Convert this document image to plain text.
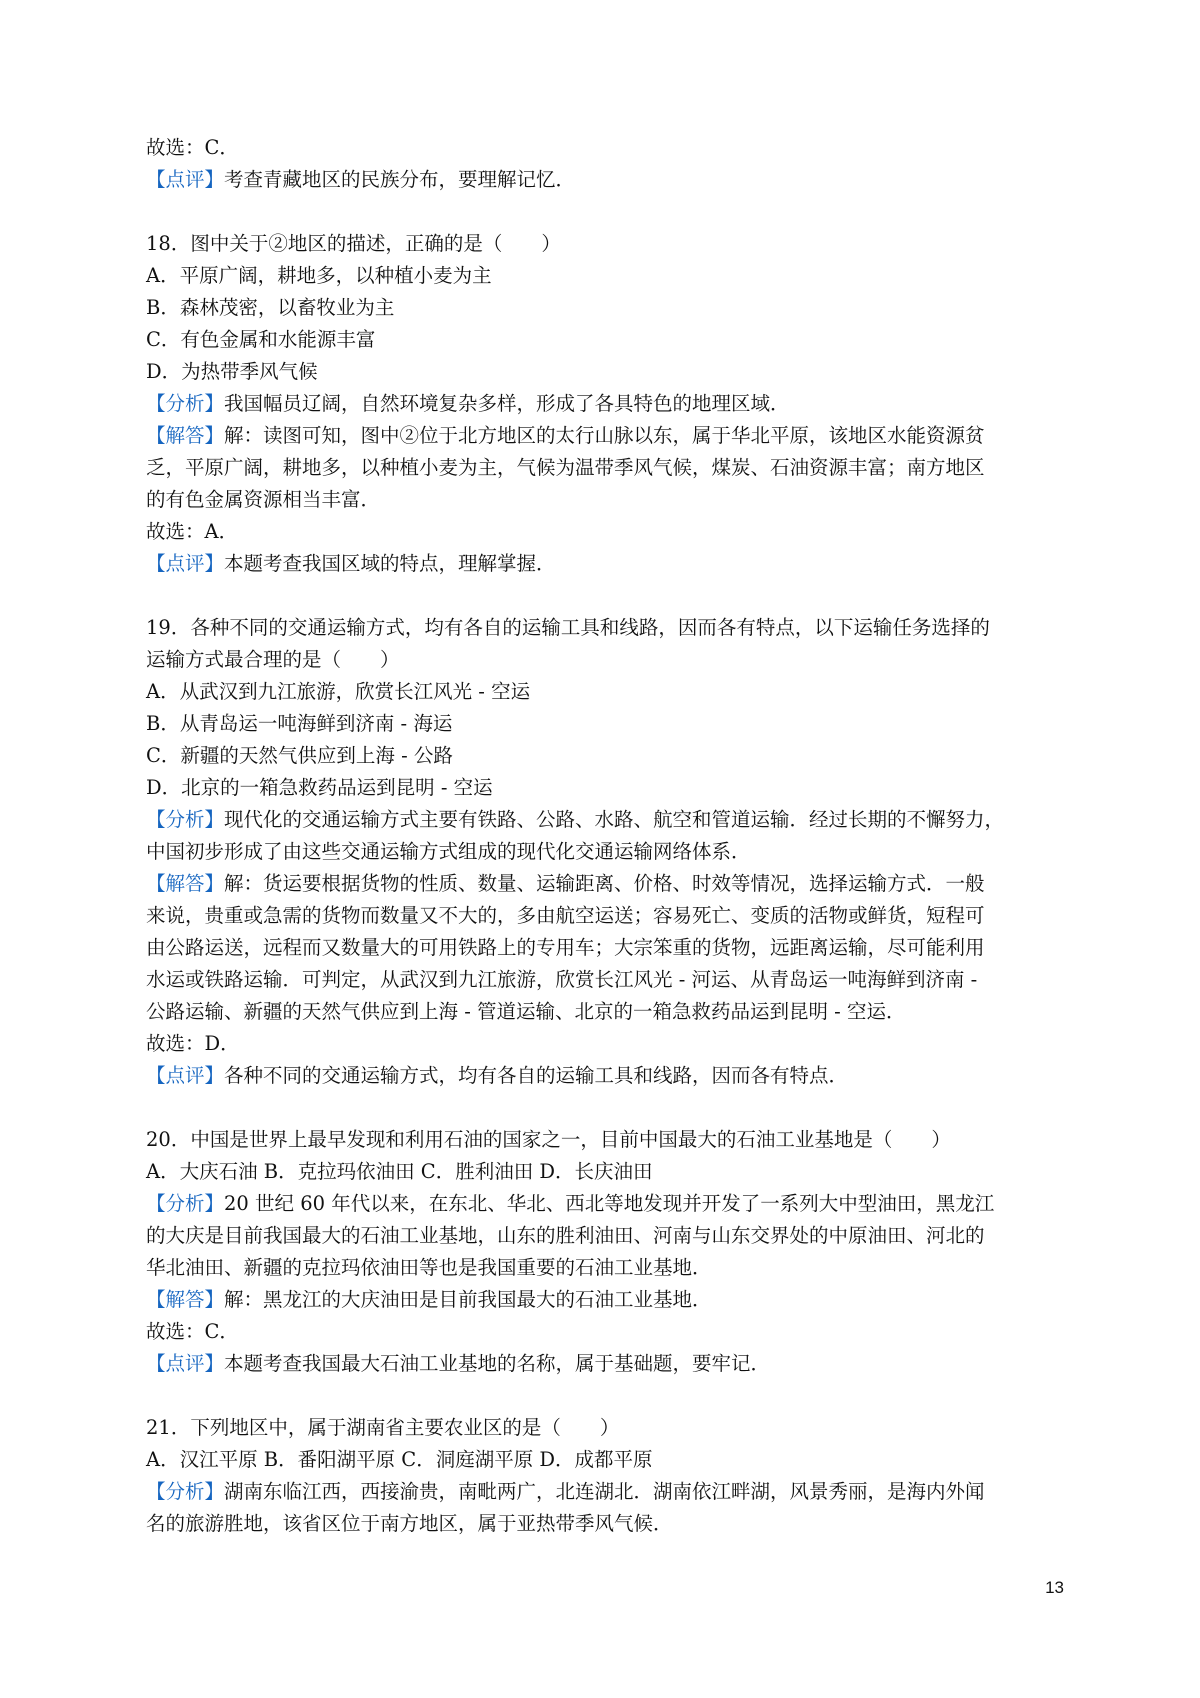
故选：C．
【点评】考查青藏地区的民族分布，要理解记忆．
18．图中关于②地区的描述，正确的是（　　）
A．平原广阔，耕地多，以种植小麦为主
B．森林茂密，以畜牧业为主
C．有色金属和水能源丰富
D．为热带季风气候
【分析】我国幅员辽阔，自然环境复杂多样，形成了各具特色的地理区域．
【解答】解：读图可知，图中②位于北方地区的太行山脉以东，属于华北平原，该地区水能资源贫
乏，平原广阔，耕地多，以种植小麦为主，气候为温带季风气候，煤炭、石油资源丰富；南方地区
的有色金属资源相当丰富．
故选：A．
【点评】本题考查我国区域的特点，理解掌握．
19．各种不同的交通运输方式，均有各自的运输工具和线路，因而各有特点，以下运输任务选择的
运输方式最合理的是（　　）
A．从武汉到九江旅游，欣赏长江风光 - 空运
B．从青岛运一吨海鲜到济南 - 海运
C．新疆的天然气供应到上海 - 公路
D．北京的一箱急救药品运到昆明 - 空运
【分析】现代化的交通运输方式主要有铁路、公路、水路、航空和管道运输．经过长期的不懈努力，
中国初步形成了由这些交通运输方式组成的现代化交通运输网络体系．
【解答】解：货运要根据货物的性质、数量、运输距离、价格、时效等情况，选择运输方式．一般
来说，贵重或急需的货物而数量又不大的，多由航空运送；容易死亡、变质的活物或鲜货，短程可
由公路运送，远程而又数量大的可用铁路上的专用车；大宗笨重的货物，远距离运输，尽可能利用
水运或铁路运输．可判定，从武汉到九江旅游，欣赏长江风光 - 河运、从青岛运一吨海鲜到济南 -
公路运输、新疆的天然气供应到上海 - 管道运输、北京的一箱急救药品运到昆明 - 空运．
故选：D．
【点评】各种不同的交通运输方式，均有各自的运输工具和线路，因而各有特点．
20．中国是世界上最早发现和利用石油的国家之一，目前中国最大的石油工业基地是（　　）
A．大庆石油 B．克拉玛依油田 C．胜利油田 D．长庆油田
【分析】20 世纪 60 年代以来，在东北、华北、西北等地发现并开发了一系列大中型油田，黑龙江
的大庆是目前我国最大的石油工业基地，山东的胜利油田、河南与山东交界处的中原油田、河北的
华北油田、新疆的克拉玛依油田等也是我国重要的石油工业基地．
【解答】解：黑龙江的大庆油田是目前我国最大的石油工业基地．
故选：C．
【点评】本题考查我国最大石油工业基地的名称，属于基础题，要牢记．
21．下列地区中，属于湖南省主要农业区的是（　　）
A．汉江平原 B．番阳湖平原 C．洞庭湖平原 D．成都平原
【分析】湖南东临江西，西接渝贵，南毗两广，北连湖北．湖南依江畔湖，风景秀丽，是海内外闻
名的旅游胜地，该省区位于南方地区，属于亚热带季风气候．
13
